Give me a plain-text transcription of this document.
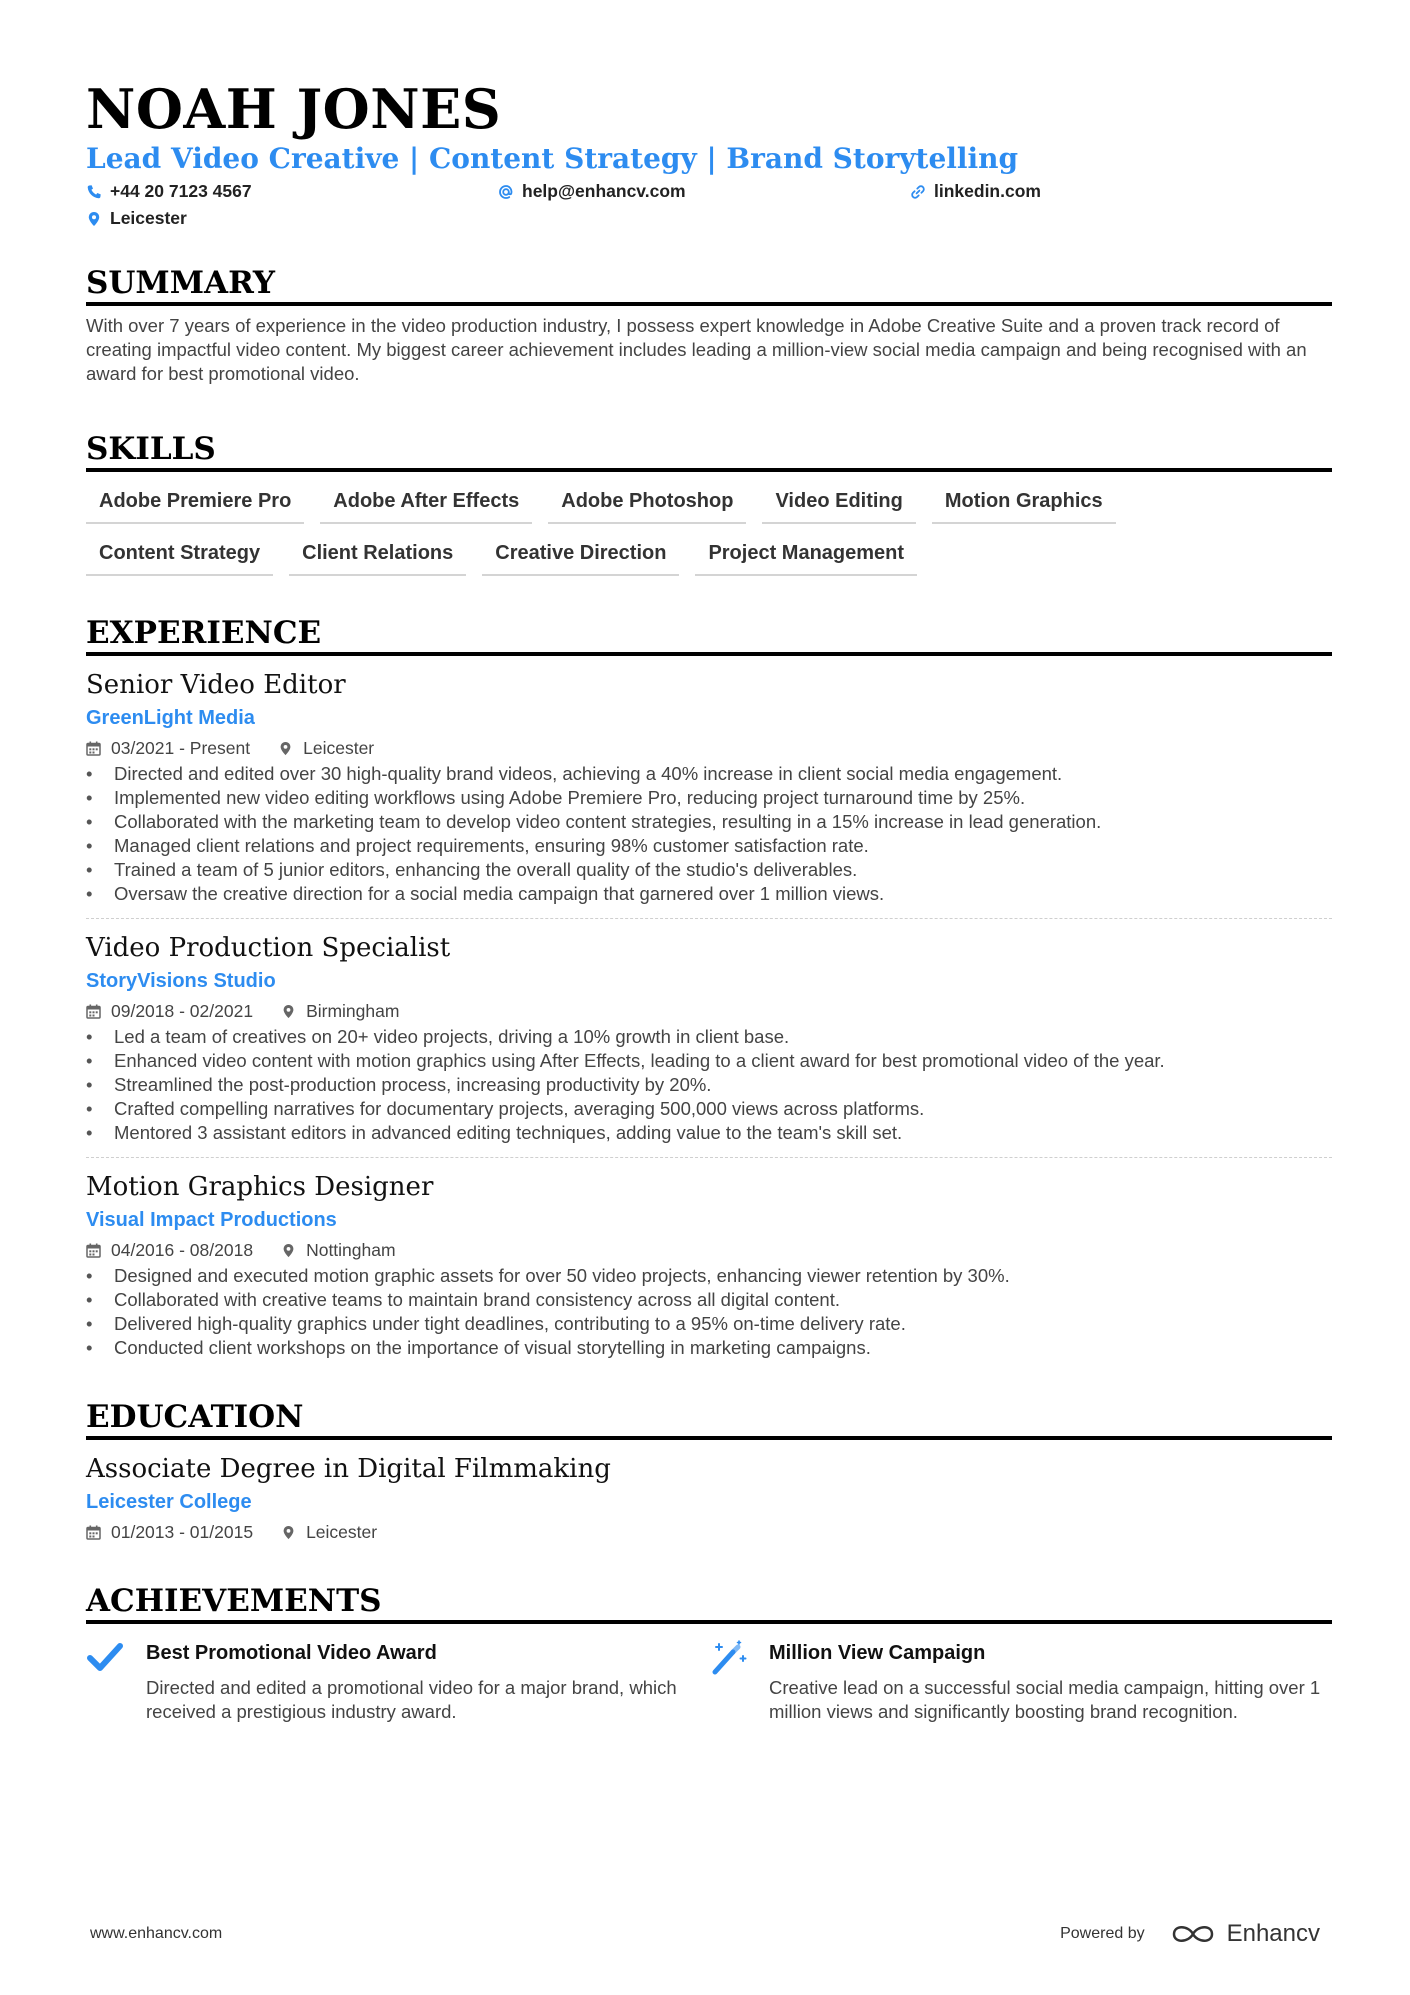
NOAH JONES
Lead Video Creative | Content Strategy | Brand Storytelling
+44 20 7123 4567	help@enhancv.com	linkedin.com
Leicester
SUMMARY
With over 7 years of experience in the video production industry, I possess expert knowledge in Adobe Creative Suite and a proven track record of creating impactful video content. My biggest career achievement includes leading a million-view social media campaign and being recognised with an award for best promotional video.
SKILLS
Adobe Premiere Pro	Adobe After Effects	Adobe Photoshop	Video Editing	Motion Graphics
Content Strategy	Client Relations	Creative Direction	Project Management
EXPERIENCE
Senior Video Editor
GreenLight Media
03/2021 - Present	Leicester
• Directed and edited over 30 high-quality brand videos, achieving a 40% increase in client social media engagement.
• Implemented new video editing workflows using Adobe Premiere Pro, reducing project turnaround time by 25%.
• Collaborated with the marketing team to develop video content strategies, resulting in a 15% increase in lead generation.
• Managed client relations and project requirements, ensuring 98% customer satisfaction rate.
• Trained a team of 5 junior editors, enhancing the overall quality of the studio's deliverables.
• Oversaw the creative direction for a social media campaign that garnered over 1 million views.
Video Production Specialist
StoryVisions Studio
09/2018 - 02/2021	Birmingham
• Led a team of creatives on 20+ video projects, driving a 10% growth in client base.
• Enhanced video content with motion graphics using After Effects, leading to a client award for best promotional video of the year.
• Streamlined the post-production process, increasing productivity by 20%.
• Crafted compelling narratives for documentary projects, averaging 500,000 views across platforms.
• Mentored 3 assistant editors in advanced editing techniques, adding value to the team's skill set.
Motion Graphics Designer
Visual Impact Productions
04/2016 - 08/2018	Nottingham
• Designed and executed motion graphic assets for over 50 video projects, enhancing viewer retention by 30%.
• Collaborated with creative teams to maintain brand consistency across all digital content.
• Delivered high-quality graphics under tight deadlines, contributing to a 95% on-time delivery rate.
• Conducted client workshops on the importance of visual storytelling in marketing campaigns.
EDUCATION
Associate Degree in Digital Filmmaking
Leicester College
01/2013 - 01/2015	Leicester
ACHIEVEMENTS
Best Promotional Video Award
Directed and edited a promotional video for a major brand, which received a prestigious industry award.
Million View Campaign
Creative lead on a successful social media campaign, hitting over 1 million views and significantly boosting brand recognition.
www.enhancv.com	Powered by	Enhancv
